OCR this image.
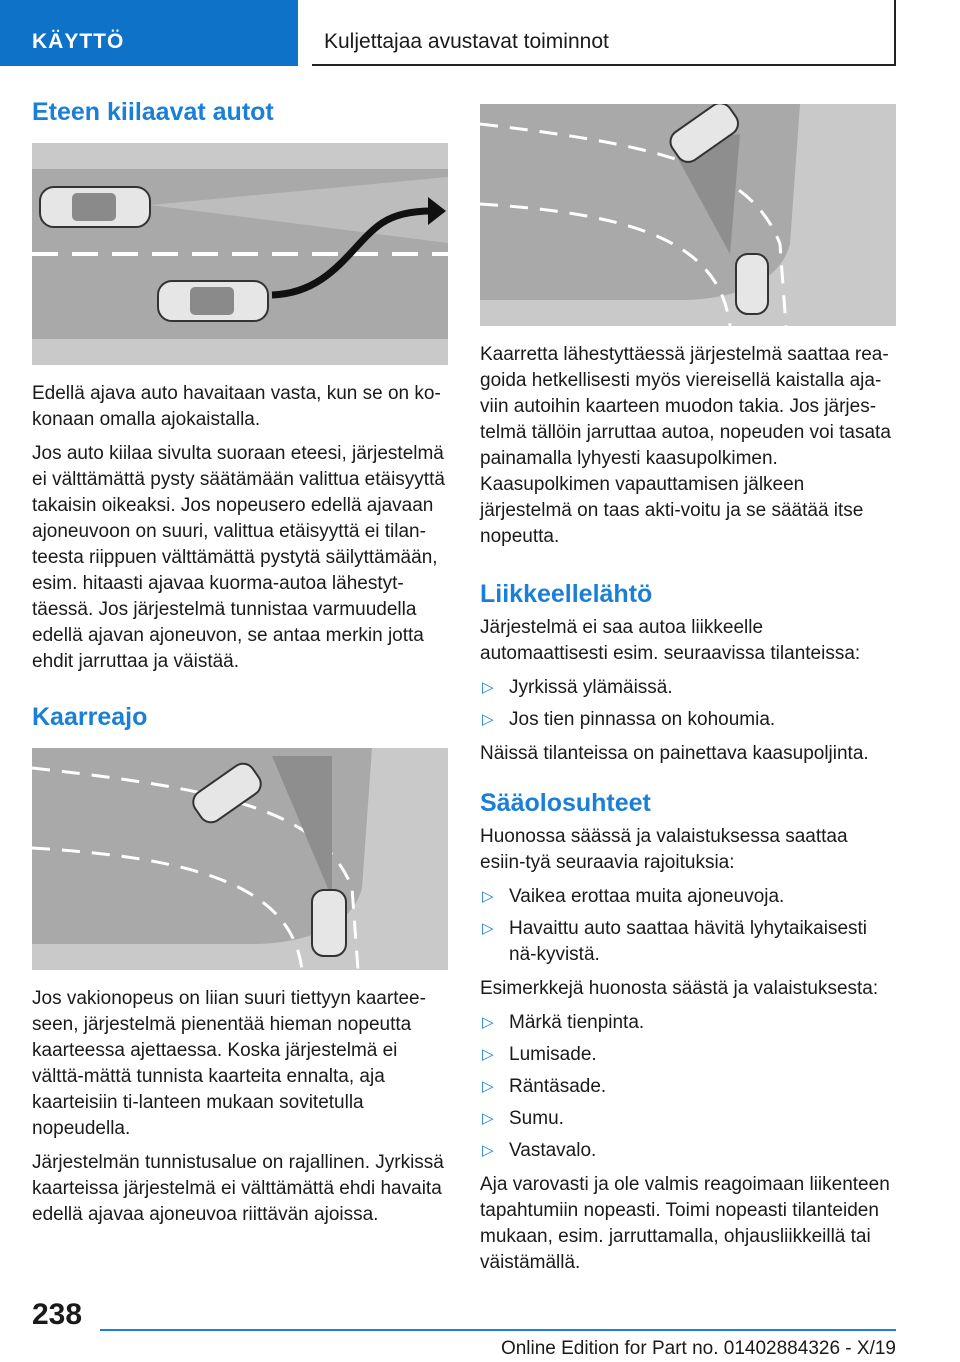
KÄYTTÖ	Kuljettajaa avustavat toiminnot
Eteen kiilaavat autot

Edellä ajava auto havaitaan vasta, kun se on ko-konaan omalla ajokaistalla.

Jos auto kiilaa sivulta suoraan eteesi, järjestelmä ei välttämättä pysty säätämään valittua etäisyyttä takaisin oikeaksi. Jos nopeusero edellä ajavaan ajoneuvoon on suuri, valittua etäisyyttä ei tilan-teesta riippuen välttämättä pystytä säilyttämään, esim. hitaasti ajavaa kuorma-autoa lähestyt-täessä. Jos järjestelmä tunnistaa varmuudella edellä ajavan ajoneuvon, se antaa merkin jotta ehdit jarruttaa ja väistää.

Kaarreajo

Jos vakionopeus on liian suuri tiettyyn kaartee-seen, järjestelmä pienentää hieman nopeutta kaarteessa ajettaessa. Koska järjestelmä ei välttä-mättä tunnista kaarteita ennalta, aja kaarteisiin ti-lanteen mukaan sovitetulla nopeudella.

Järjestelmän tunnistusalue on rajallinen. Jyrkissä kaarteissa järjestelmä ei välttämättä ehdi havaita edellä ajavaa ajoneuvoa riittävän ajoissa.

Kaarretta lähestyttäessä järjestelmä saattaa rea-goida hetkellisesti myös viereisellä kaistalla aja-viin autoihin kaarteen muodon takia. Jos järjes-telmä tällöin jarruttaa autoa, nopeuden voi tasata painamalla lyhyesti kaasupolkimen. Kaasupolkimen vapauttamisen jälkeen järjestelmä on taas akti-voitu ja se säätää itse nopeutta.

Liikkeellelähtö

Järjestelmä ei saa autoa liikkeelle automaattisesti esim. seuraavissa tilanteissa:

▷ Jyrkissä ylämäissä.
▷ Jos tien pinnassa on kohoumia.

Näissä tilanteissa on painettava kaasupoljinta.

Sääolosuhteet

Huonossa säässä ja valaistuksessa saattaa esiin-tyä seuraavia rajoituksia:

▷ Vaikea erottaa muita ajoneuvoja.
▷ Havaittu auto saattaa hävitä lyhytaikaisesti nä-kyvistä.

Esimerkkejä huonosta säästä ja valaistuksesta:

▷ Märkä tienpinta.
▷ Lumisade.
▷ Räntäsade.
▷ Sumu.
▷ Vastavalo.

Aja varovasti ja ole valmis reagoimaan liikenteen tapahtumiin nopeasti. Toimi nopeasti tilanteiden mukaan, esim. jarruttamalla, ohjausliikkeillä tai väistämällä.

238
Online Edition for Part no. 01402884326 - X/19
